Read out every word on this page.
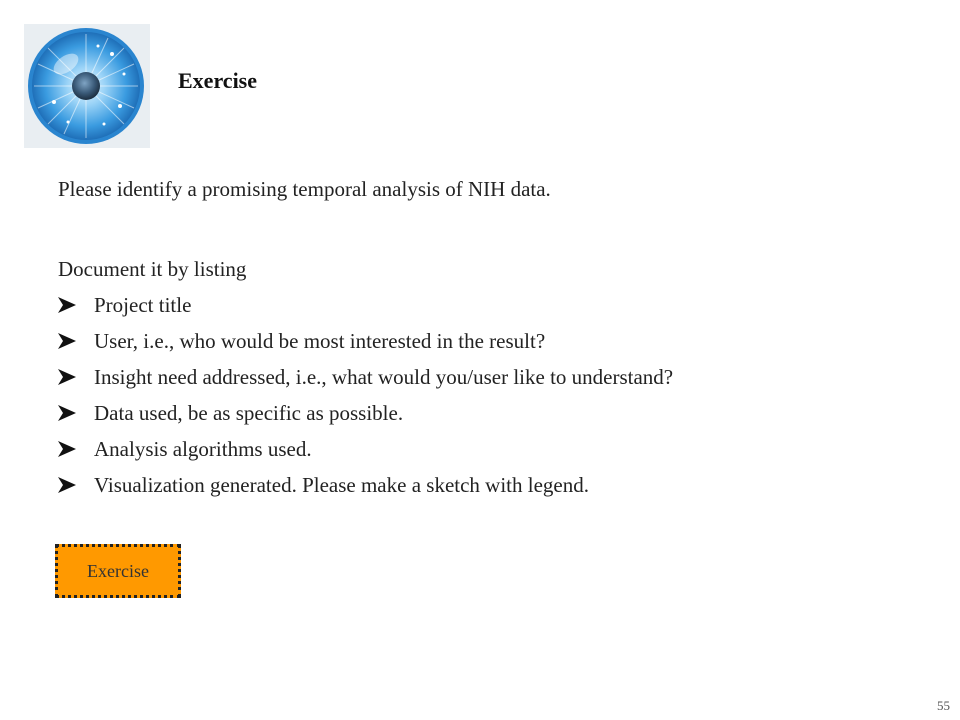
Exercise

Please identify a promising temporal analysis of NIH data.

Document it by listing

Project title
User, i.e., who would be most interested in the result?
Insight need addressed, i.e., what would you/user like to understand?
Data used, be as specific as possible.
Analysis algorithms used.
Visualization generated. Please make a sketch with legend.
Exercise
55
